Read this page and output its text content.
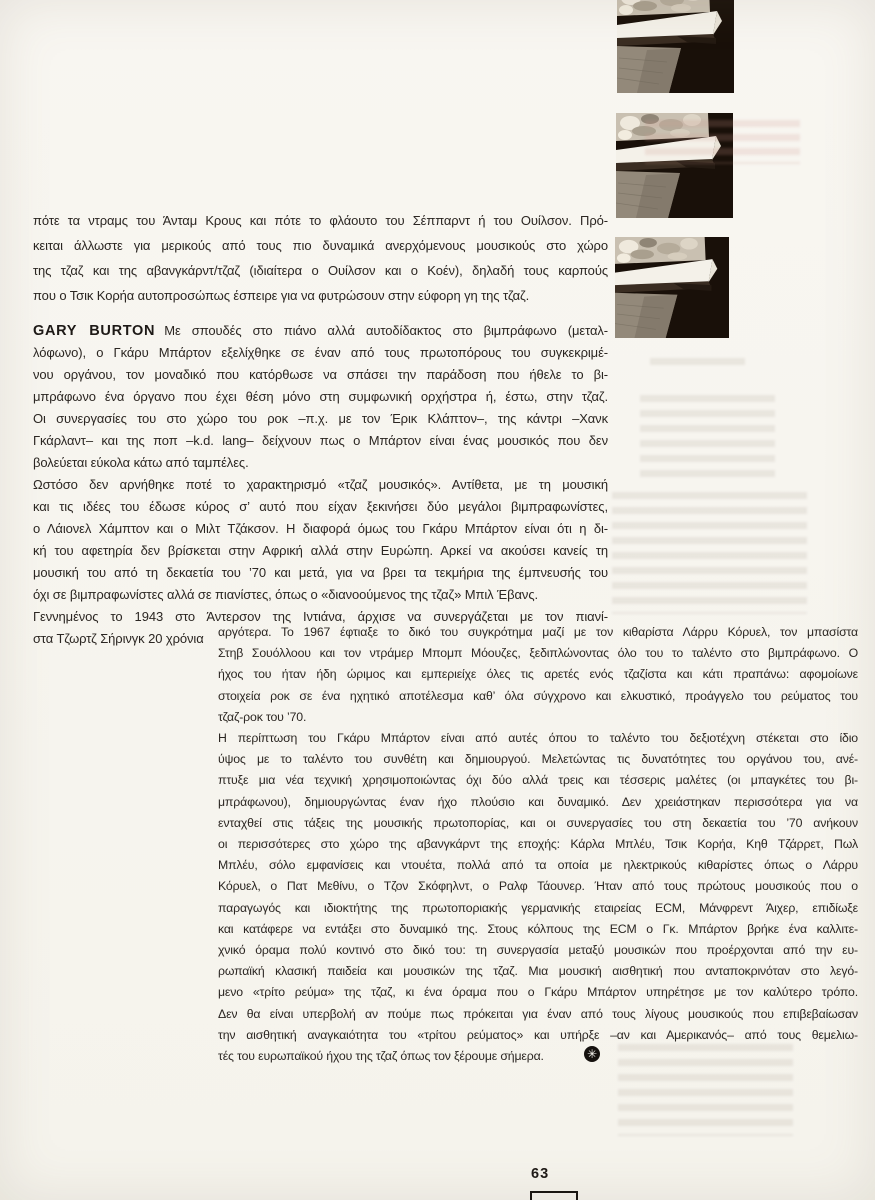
πότε τα ντραμς του Άνταμ Κρους και πότε το φλάουτο του Σέππαρντ ή του Ουίλσον. Πρό-
κειται άλλωστε για μερικούς από τους πιο δυναμικά ανερχόμενους μουσικούς στο χώρο
της τζαζ και της αβανγκάρντ/τζαζ (ιδιαίτερα ο Ουίλσον και ο Κοέν), δηλαδή τους καρπούς
που ο Τσικ Κορήα αυτοπροσώπως έσπειρε για να φυτρώσουν στην εύφορη γη της τζαζ.
GARY BURTON Με σπουδές στο πιάνο αλλά αυτοδίδακτος στο βιμπράφωνο (μεταλ-
λόφωνο), ο Γκάρυ Μπάρτον εξελίχθηκε σε έναν από τους πρωτοπόρους του συγκεκριμέ-
νου οργάνου, τον μοναδικό που κατόρθωσε να σπάσει την παράδοση που ήθελε το βι-
μπράφωνο ένα όργανο που έχει θέση μόνο στη συμφωνική ορχήστρα ή, έστω, στην τζαζ.
Οι συνεργασίες του στο χώρο του ροκ –π.χ. με τον Έρικ Κλάπτον–, της κάντρι –Χανκ
Γκάρλαντ– και της ποπ –k.d. lang– δείχνουν πως ο Μπάρτον είναι ένας μουσικός που δεν
βολεύεται εύκολα κάτω από ταμπέλες.
Ωστόσο δεν αρνήθηκε ποτέ το χαρακτηρισμό «τζαζ μουσικός». Αντίθετα, με τη μουσική
και τις ιδέες του έδωσε κύρος σ’ αυτό που είχαν ξεκινήσει δύο μεγάλοι βιμπραφωνίστες,
ο Λάιονελ Χάμπτον και ο Μιλτ Τζάκσον. Η διαφορά όμως του Γκάρυ Μπάρτον είναι ότι η δι-
κή του αφετηρία δεν βρίσκεται στην Αφρική αλλά στην Ευρώπη. Αρκεί να ακούσει κανείς τη
μουσική του από τη δεκαετία του ’70 και μετά, για να βρει τα τεκμήρια της έμπνευσής του
όχι σε βιμπραφωνίστες αλλά σε πιανίστες, όπως ο «διανοούμενος της τζαζ» Μπιλ Έβανς.
Γεννημένος το 1943 στο Άντερσον της Ιντιάνα, άρχισε να συνεργάζεται με τον πιανί-
στα Τζωρτζ Σήρινγκ 20 χρόνια	αργότερα. Το 1967 έφτιαξε το δικό του συγκρότημα μαζί με τον κιθαρίστα Λάρρυ Κόρυελ, τον μπασίστα
Στηβ Σουόλλοου και τον ντράμερ Μπομπ Μόουζες, ξεδιπλώνοντας όλο του το ταλέντο στο βιμπράφωνο. Ο
ήχος του ήταν ήδη ώριμος και εμπεριείχε όλες τις αρετές ενός τζαζίστα και κάτι πραπάνω: αφομοίωνε
στοιχεία ροκ σε ένα ηχητικό αποτέλεσμα καθ’ όλα σύγχρονο και ελκυστικό, προάγγελο του ρεύματος του
τζαζ-ροκ του ’70.
Η περίπτωση του Γκάρυ Μπάρτον είναι από αυτές όπου το ταλέντο του δεξιοτέχνη στέκεται στο ίδιο
ύψος με το ταλέντο του συνθέτη και δημιουργού. Μελετώντας τις δυνατότητες του οργάνου του, ανέ-
πτυξε μια νέα τεχνική χρησιμοποιώντας όχι δύο αλλά τρεις και τέσσερις μαλέτες (οι μπαγκέτες του βι-
μπράφωνου), δημιουργώντας έναν ήχο πλούσιο και δυναμικό. Δεν χρειάστηκαν περισσότερα για να
ενταχθεί στις τάξεις της μουσικής πρωτοπορίας, και οι συνεργασίες του στη δεκαετία του ’70 ανήκουν
οι περισσότερες στο χώρο της αβανγκάρντ της εποχής: Κάρλα Μπλέυ, Τσικ Κορήα, Κηθ Τζάρρετ, Πωλ
Μπλέυ, σόλο εμφανίσεις και ντουέτα, πολλά από τα οποία με ηλεκτρικούς κιθαρίστες όπως ο Λάρρυ
Κόρυελ, ο Πατ Μεθίνυ, ο Τζον Σκόφηλντ, ο Ραλφ Τάουνερ. Ήταν από τους πρώτους μουσικούς που ο
παραγωγός και ιδιοκτήτης της πρωτοποριακής γερμανικής εταιρείας ECM, Μάνφρεντ Άιχερ, επιδίωξε
και κατάφερε να εντάξει στο δυναμικό της. Στους κόλπους της ECM ο Γκ. Μπάρτον βρήκε ένα καλλιτε-
χνικό όραμα πολύ κοντινό στο δικό του: τη συνεργασία μεταξύ μουσικών που προέρχονται από την ευ-
ρωπαϊκή κλασική παιδεία και μουσικών της τζαζ. Μια μουσική αισθητική που ανταποκρινόταν στο λεγό-
μενο «τρίτο ρεύμα» της τζαζ, κι ένα όραμα που ο Γκάρυ Μπάρτον υπηρέτησε με τον καλύτερο τρόπο.
Δεν θα είναι υπερβολή αν πούμε πως πρόκειται για έναν από τους λίγους μουσικούς που επιβεβαίωσαν
την αισθητική αναγκαιότητα του «τρίτου ρεύματος» και υπήρξε –αν και Αμερικανός– από τους θεμελιω-
τές του ευρωπαϊκού ήχου της τζαζ όπως τον ξέρουμε σήμερα.	✳
63
